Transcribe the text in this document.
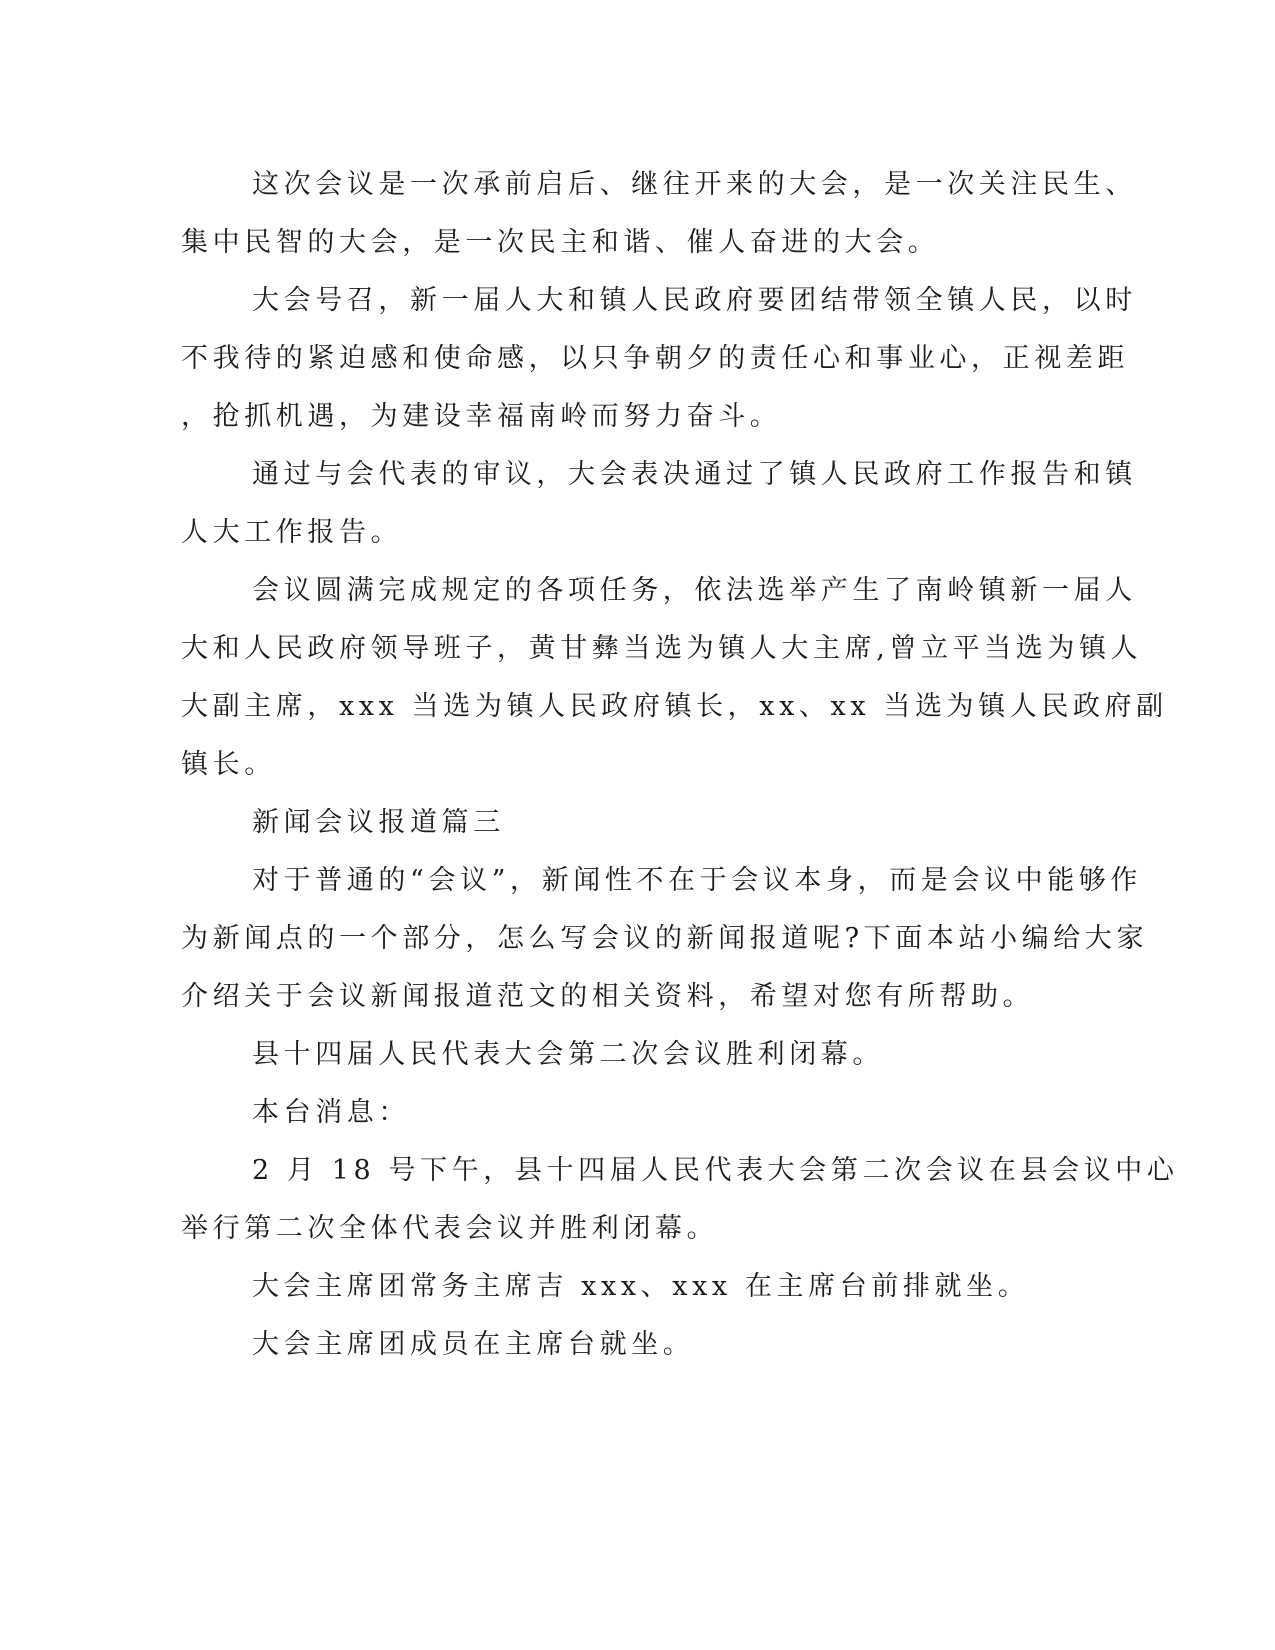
这次会议是一次承前启后、继往开来的大会，是一次关注民生、
集中民智的大会，是一次民主和谐、催人奋进的大会。
大会号召，新一届人大和镇人民政府要团结带领全镇人民，以时
不我待的紧迫感和使命感，以只争朝夕的责任心和事业心，正视差距
，抢抓机遇，为建设幸福南岭而努力奋斗。
通过与会代表的审议，大会表决通过了镇人民政府工作报告和镇
人大工作报告。
会议圆满完成规定的各项任务，依法选举产生了南岭镇新一届人
大和人民政府领导班子，黄甘彝当选为镇人大主席,曾立平当选为镇人
大副主席，xxx 当选为镇人民政府镇长，xx、xx 当选为镇人民政府副
镇长。
新闻会议报道篇三
对于普通的“会议”，新闻性不在于会议本身，而是会议中能够作
为新闻点的一个部分，怎么写会议的新闻报道呢?下面本站小编给大家
介绍关于会议新闻报道范文的相关资料，希望对您有所帮助。
县十四届人民代表大会第二次会议胜利闭幕。
本台消息：
2 月 18 号下午，县十四届人民代表大会第二次会议在县会议中心
举行第二次全体代表会议并胜利闭幕。
大会主席团常务主席吉 xxx、xxx 在主席台前排就坐。
大会主席团成员在主席台就坐。
